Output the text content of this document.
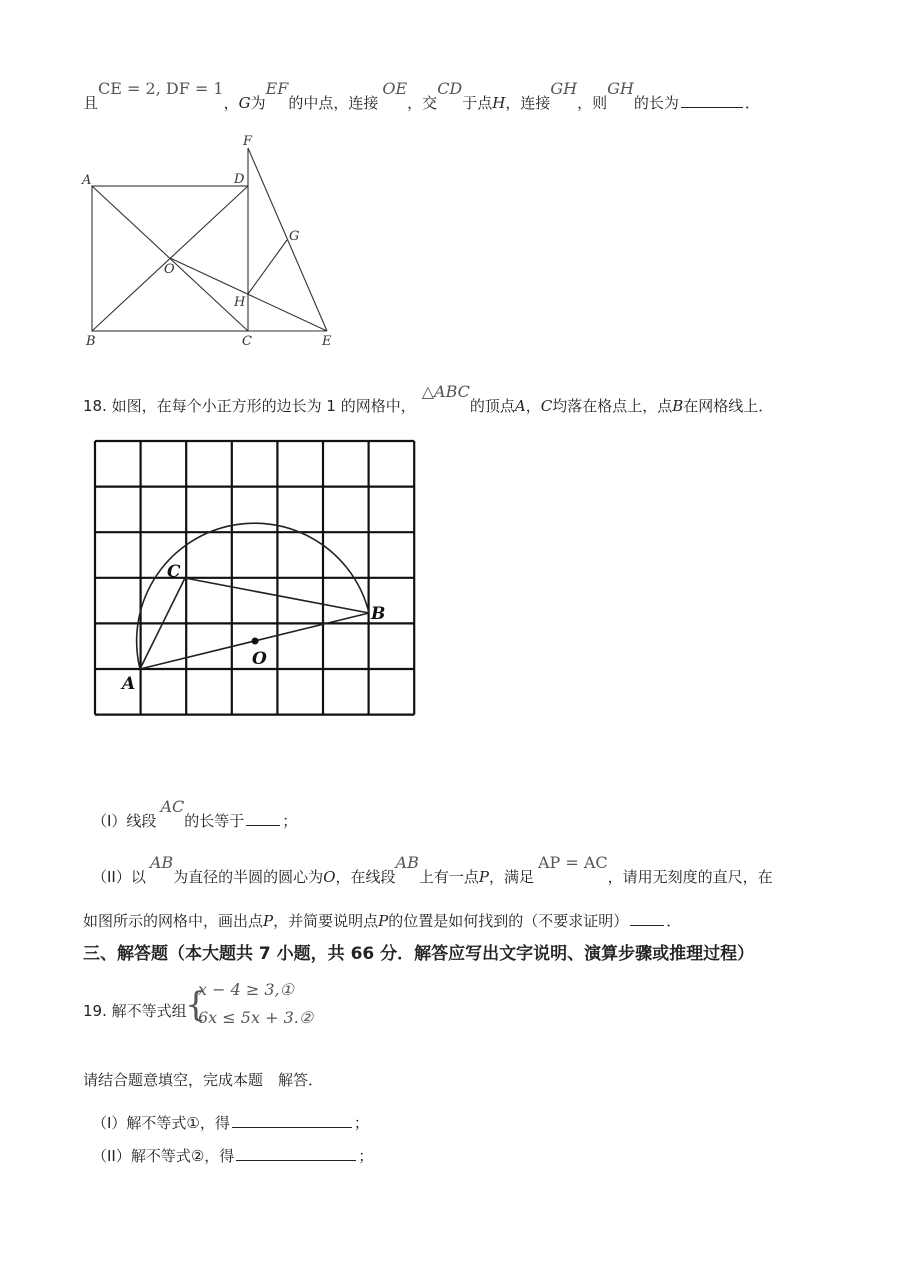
且CE = 2, DF = 1，G为EF的中点，连接OE，交CD于点H，连接GH，则GH的长为	．
A
B	C
D
E
F
G
H
O
18. 如图，在每个小正方形的边长为 1 的网格中，△ABC的顶点A，C均落在格点上，点B在网格线上．
A
B
C
O
（I）线段AC的长等于	；
（II）以AB为直径的半圆的圆心为O，在线段AB上有一点P，满足AP = AC，请用无刻度的直尺，在
如图所示的网格中，画出点P，并简要说明点P的位置是如何找到的（不要求证明）	．
三、解答题（本大题共 7 小题，共 66 分．解答应写出文字说明、演算步骤或推理过程）
19. 解不等式组
{
x − 4 ≥ 3,①
6x ≤ 5x + 3.②
请结合题意填空，完成本题　解答．
（I）解不等式①，得	；
（II）解不等式②，得	；
